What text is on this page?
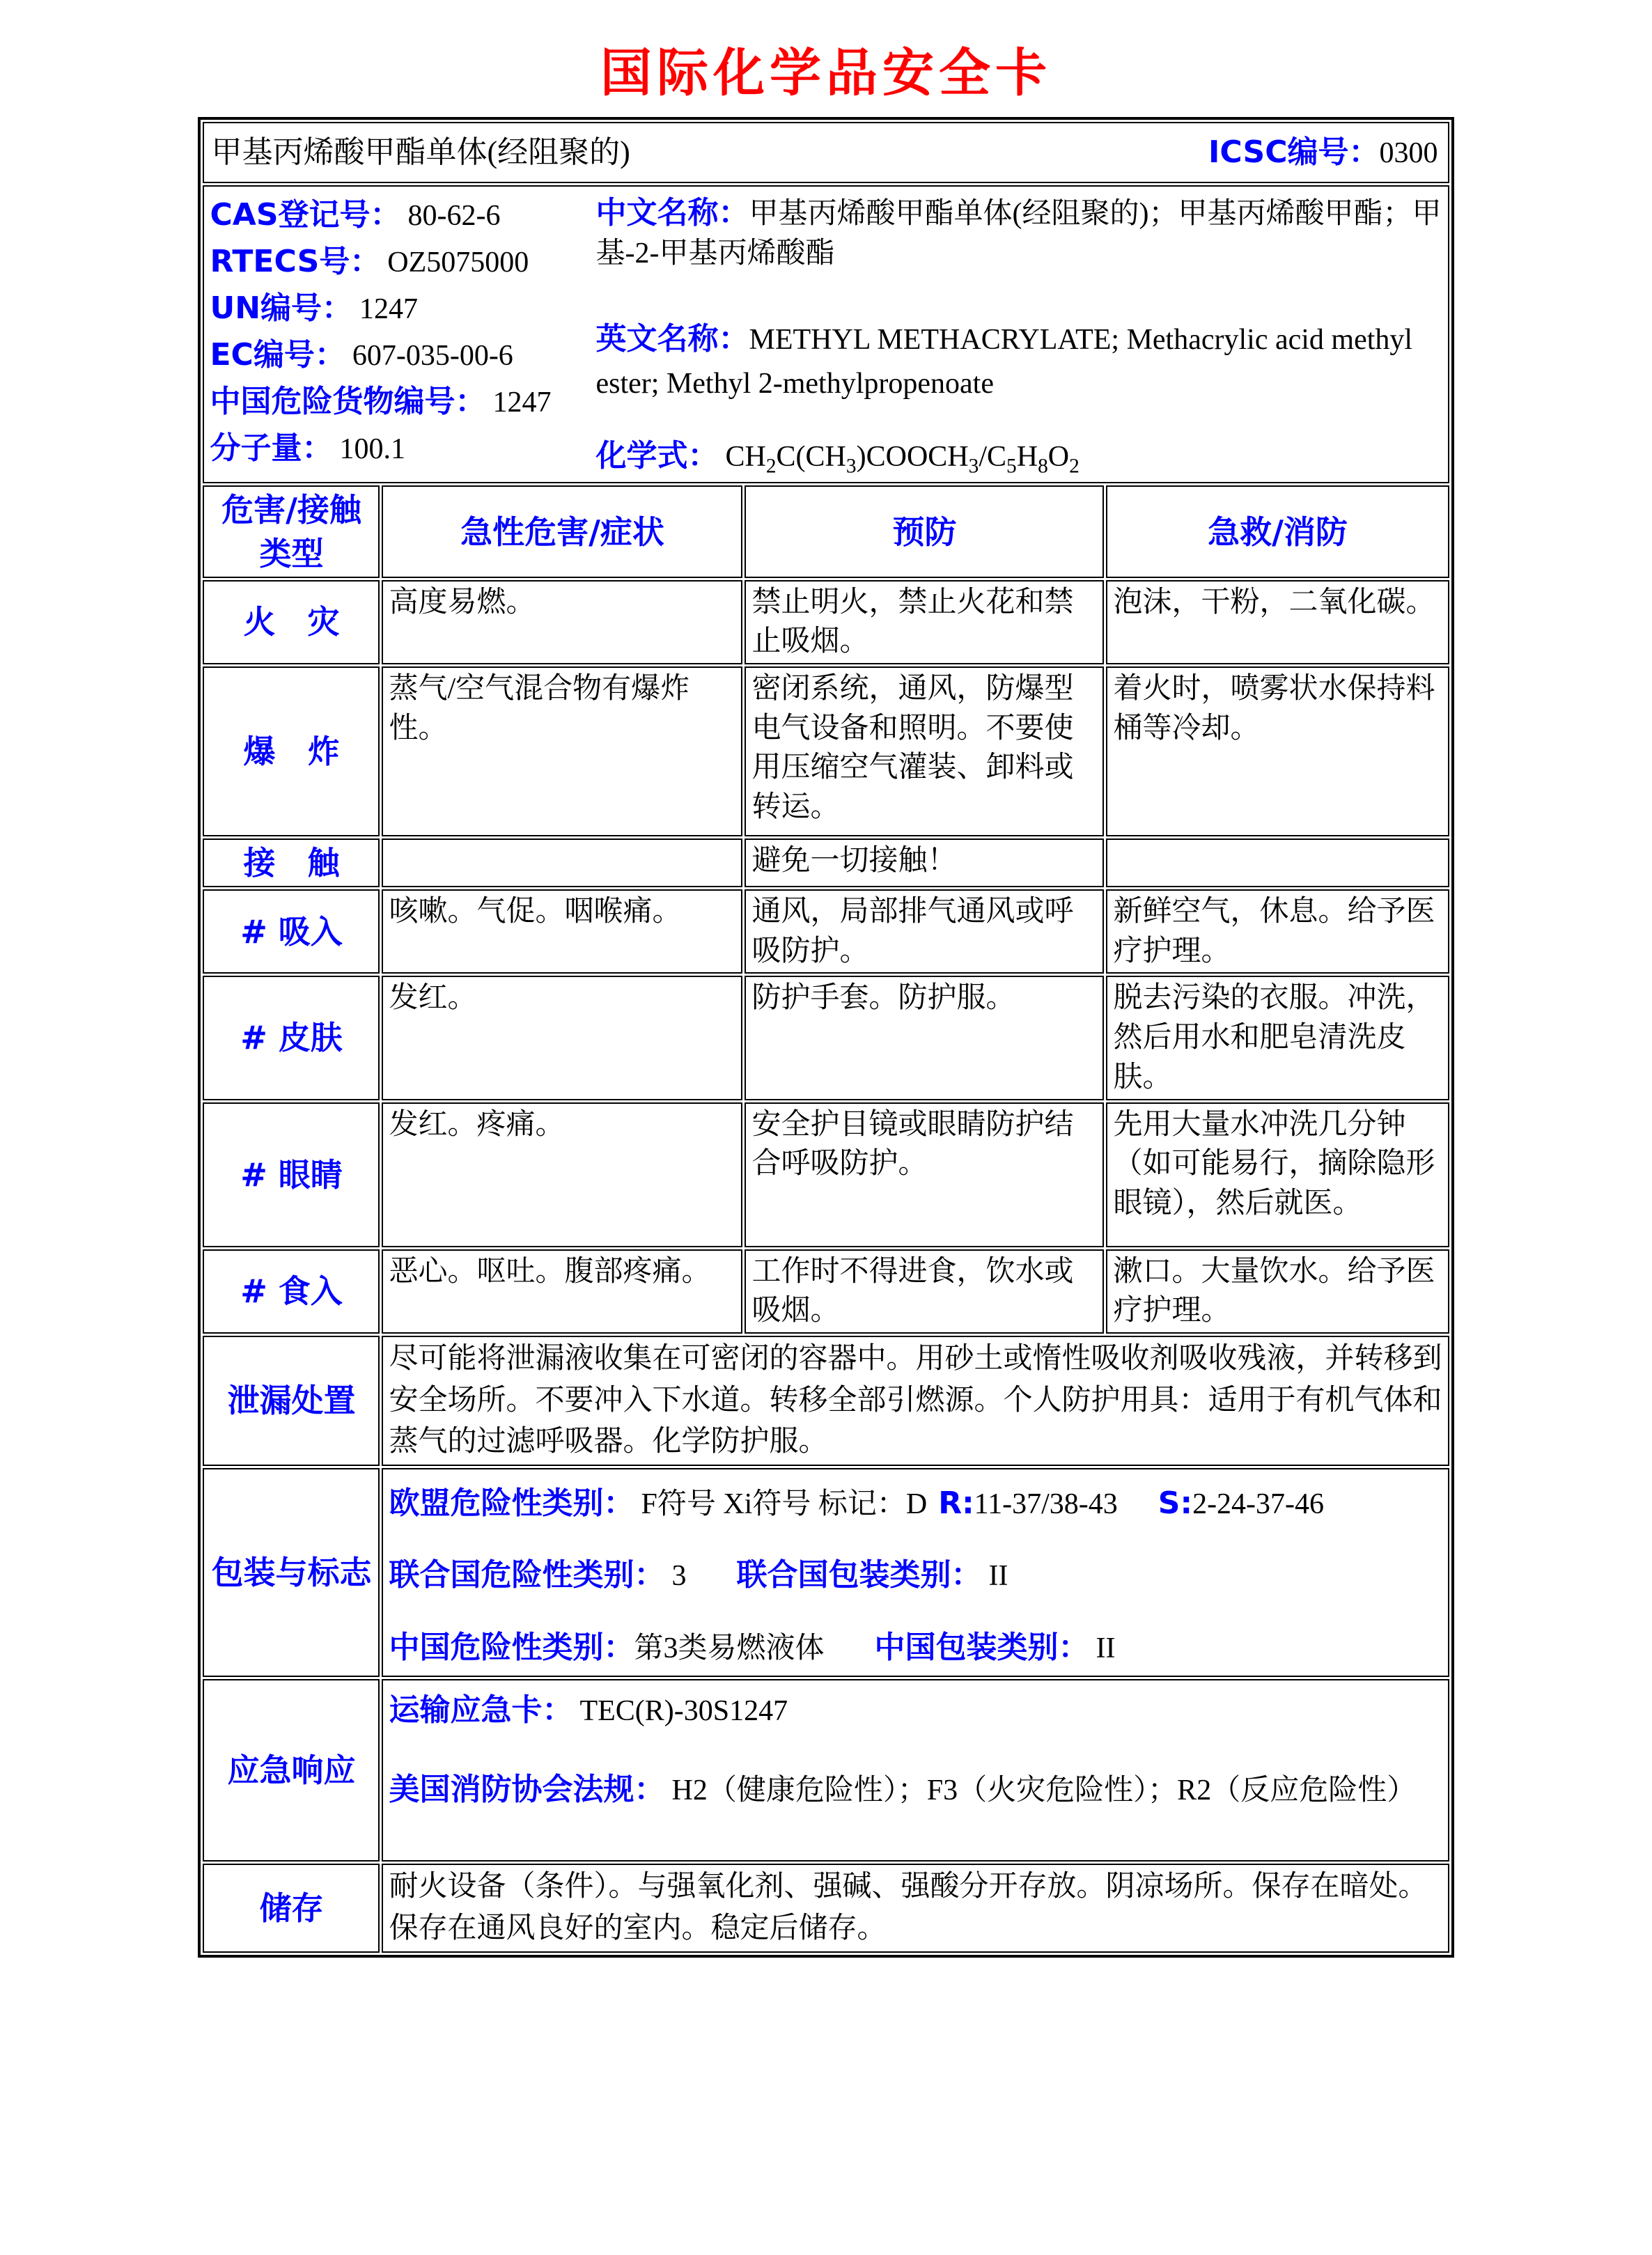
国际化学品安全卡
甲基丙烯酸甲酯单体(经阻聚的) ICSC编号：0300			

CAS登记号： 80-62-6
RTECS号： OZ5075000
UN编号： 1247
EC编号： 607-035-00-6
中国危险货物编号： 1247
分子量： 100.1
中文名称：甲基丙烯酸甲酯单体(经阻聚的)；甲基丙烯酸甲酯；甲基-2-甲基丙烯酸酯
英文名称：METHYL METHACRYLATE; Methacrylic acid methyl ester; Methyl 2-methylpropenoate
化学式： $CH_2C(CH_3)COOCH_3/C_5H_8O_2$

危害/接触类型	急性危害/症状	预防	急救/消防
火　灾	高度易燃。	禁止明火，禁止火花和禁止吸烟。	泡沫，干粉，二氧化碳。
爆　炸	蒸气/空气混合物有爆炸性。	密闭系统，通风，防爆型电气设备和照明。不要使用压缩空气灌装、卸料或转运。	着火时，喷雾状水保持料桶等冷却。
接　触		避免一切接触！	
# 吸入	咳嗽。气促。咽喉痛。	通风，局部排气通风或呼吸防护。	新鲜空气，休息。给予医疗护理。
# 皮肤	发红。	防护手套。防护服。	脱去污染的衣服。冲洗，然后用水和肥皂清洗皮肤。
# 眼睛	发红。疼痛。	安全护目镜或眼睛防护结合呼吸防护。	先用大量水冲洗几分钟（如可能易行，摘除隐形眼镜），然后就医。
# 食入	恶心。呕吐。腹部疼痛。	工作时不得进食，饮水或吸烟。	漱口。大量饮水。给予医疗护理。
泄漏处置	尽可能将泄漏液收集在可密闭的容器中。用砂土或惰性吸收剂吸收残液，并转移到安全场所。不要冲入下水道。转移全部引燃源。个人防护用具：适用于有机气体和蒸气的过滤呼吸器。化学防护服。		
包装与标志	欧盟危险性类别： F符号 Xi符号 标记：D R:11-37/38-43 S:2-24-37-46
联合国危险性类别： 3 联合国包装类别： II
中国危险性类别：第3类易燃液体 中国包装类别： II		

应急响应	运输应急卡： TEC(R)-30S1247
美国消防协会法规： H2（健康危险性）；F3（火灾危险性）；R2（反应危险性）		

储存	耐火设备（条件）。与强氧化剂、强碱、强酸分开存放。阴凉场所。保存在暗处。保存在通风良好的室内。稳定后储存。		
